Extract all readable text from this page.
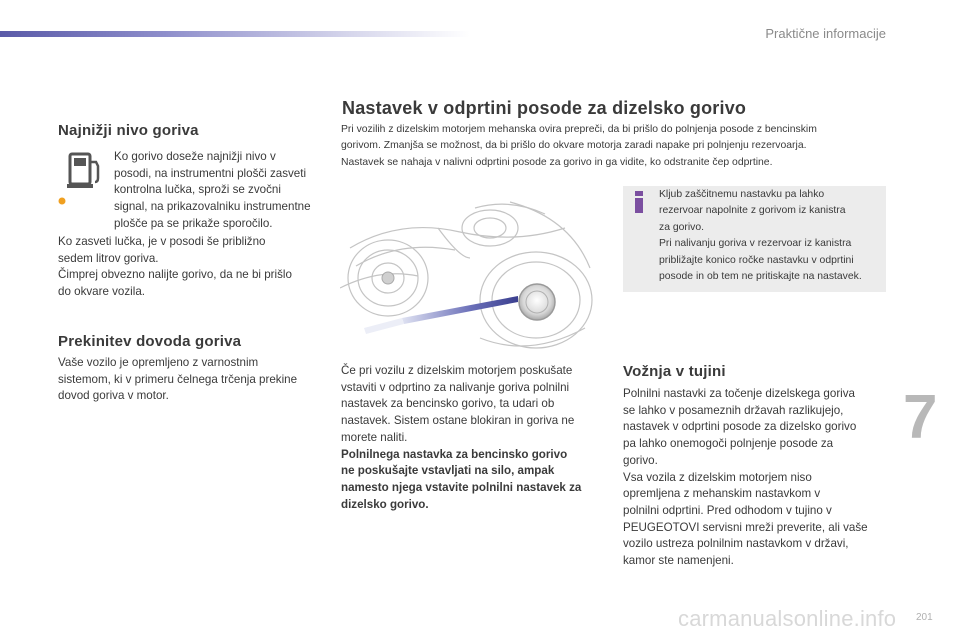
Praktične informacije
Najnižji nivo goriva
Ko gorivo doseže najnižji nivo v
posodi, na instrumentni plošči zasveti
kontrolna lučka, sproži se zvočni
signal, na prikazovalniku instrumentne
plošče pa se prikaže sporočilo.
Ko zasveti lučka, je v posodi še približno
sedem litrov goriva.
Čimprej obvezno nalijte gorivo, da ne bi prišlo
do okvare vozila.
Prekinitev dovoda goriva
Vaše vozilo je opremljeno z varnostnim
sistemom, ki v primeru čelnega trčenja prekine
dovod goriva v motor.
Nastavek v odprtini posode za dizelsko gorivo
Pri vozilih z dizelskim motorjem mehanska ovira prepreči, da bi prišlo do polnjenja posode z bencinskim
gorivom. Zmanjša se možnost, da bi prišlo do okvare motorja zaradi napake pri polnjenju rezervoarja.
Nastavek se nahaja v nalivni odprtini posode za gorivo in ga vidite, ko odstranite čep odprtine.
Kljub zaščitnemu nastavku pa lahko
rezervoar napolnite z gorivom iz kanistra
za gorivo.
Pri nalivanju goriva v rezervoar iz kanistra
približajte konico ročke nastavku v odprtini
posode in ob tem ne pritiskajte na nastavek.
Če pri vozilu z dizelskim motorjem poskušate
vstaviti v odprtino za nalivanje goriva polnilni
nastavek za bencinsko gorivo, ta udari ob
nastavek. Sistem ostane blokiran in goriva ne
morete naliti.
Polnilnega nastavka za bencinsko gorivo
ne poskušajte vstavljati na silo, ampak
namesto njega vstavite polnilni nastavek za
dizelsko gorivo.
Vožnja v tujini
Polnilni nastavki za točenje dizelskega goriva
se lahko v posameznih državah razlikujejo,
nastavek v odprtini posode za dizelsko gorivo
pa lahko onemogoči polnjenje posode za
gorivo.
Vsa vozila z dizelskim motorjem niso
opremljena z mehanskim nastavkom v
polnilni odprtini. Pred odhodom v tujino v
PEUGEOTOVI servisni mreži preverite, ali vaše
vozilo ustreza polnilnim nastavkom v državi,
kamor ste namenjeni.
7
carmanualsonline.info 201
